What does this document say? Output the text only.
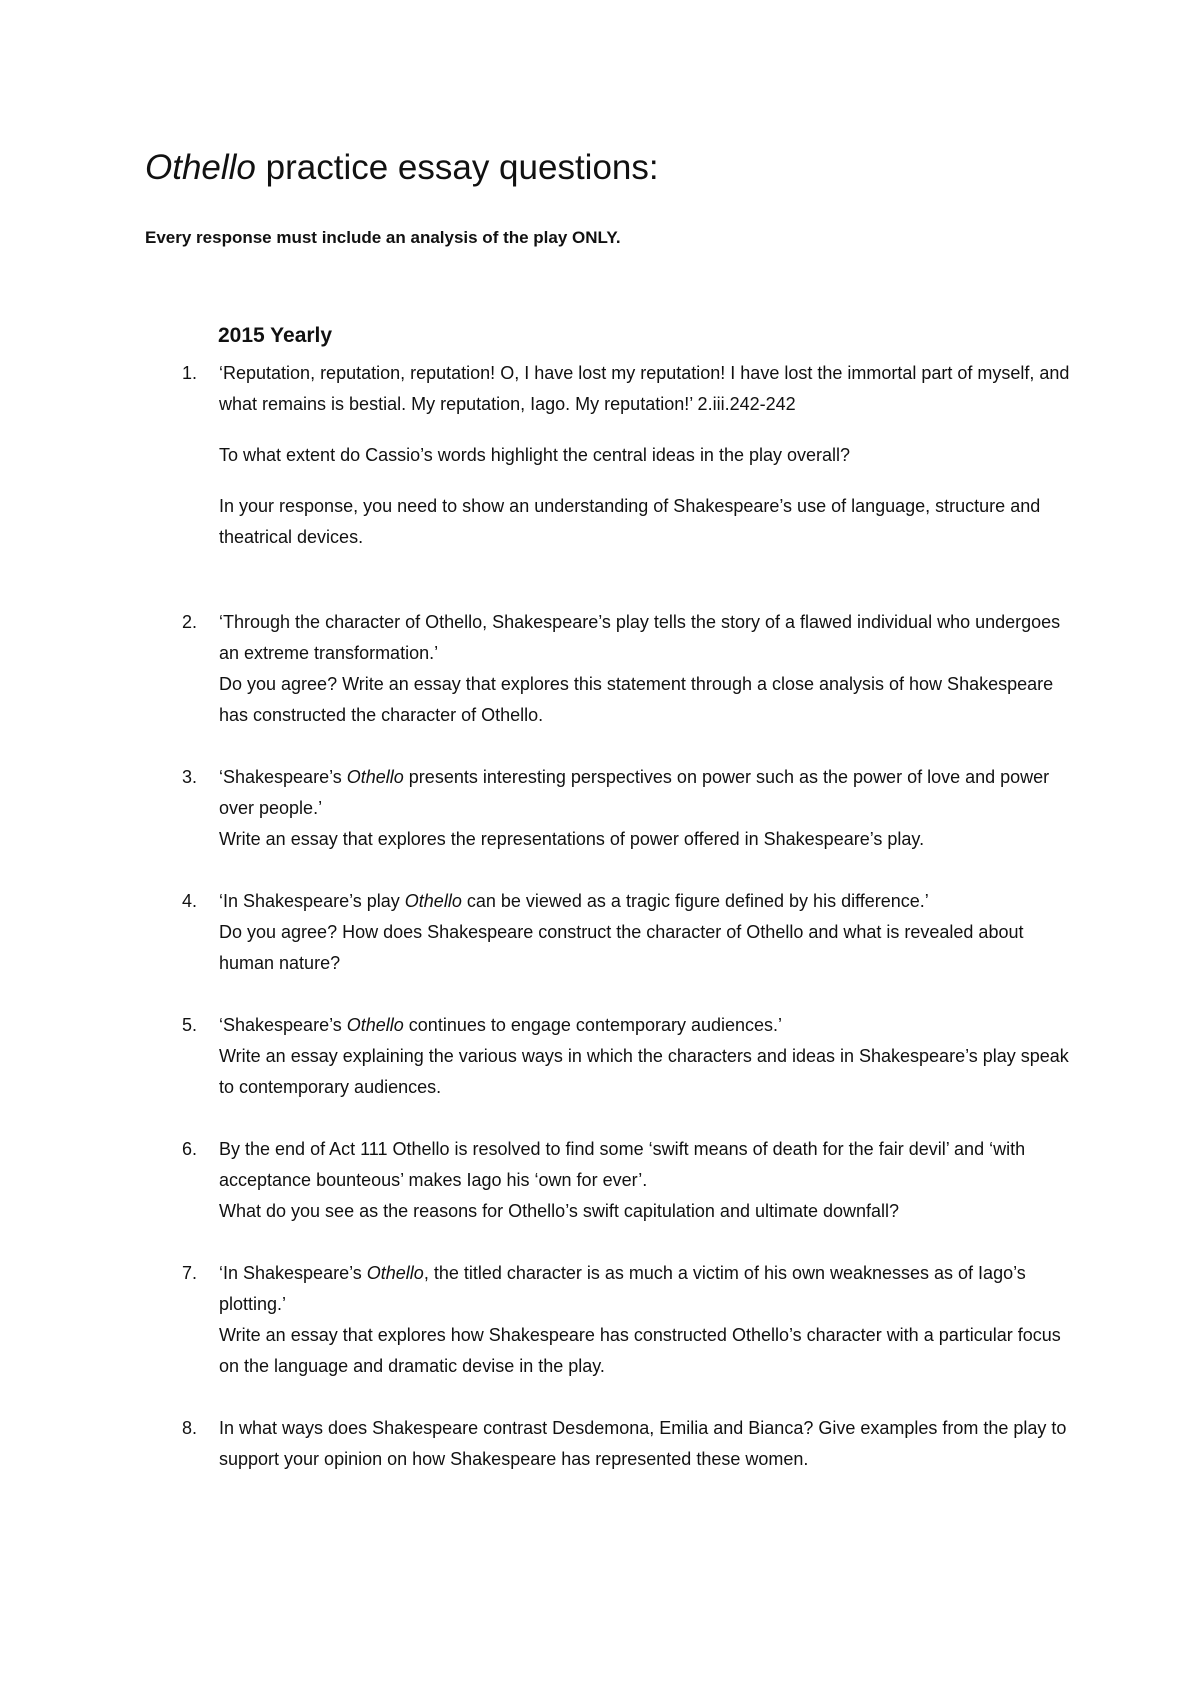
Othello practice essay questions:

Every response must include an analysis of the play ONLY.

2015 Yearly
1. ‘Reputation, reputation, reputation! O, I have lost my reputation! I have lost the immortal part of myself, and what remains is bestial. My reputation, Iago. My reputation!’ 2.iii.242-242

To what extent do Cassio’s words highlight the central ideas in the play overall?

In your response, you need to show an understanding of Shakespeare’s use of language, structure and theatrical devices.

2. ‘Through the character of Othello, Shakespeare’s play tells the story of a flawed individual who undergoes an extreme transformation.’

Do you agree? Write an essay that explores this statement through a close analysis of how Shakespeare has constructed the character of Othello.

3. ‘Shakespeare’s Othello presents interesting perspectives on power such as the power of love and power over people.’

Write an essay that explores the representations of power offered in Shakespeare’s play.

4. ‘In Shakespeare’s play Othello can be viewed as a tragic figure defined by his difference.’

Do you agree? How does Shakespeare construct the character of Othello and what is revealed about human nature?

5. ‘Shakespeare’s Othello continues to engage contemporary audiences.’

Write an essay explaining the various ways in which the characters and ideas in Shakespeare’s play speak to contemporary audiences.

6. By the end of Act 111 Othello is resolved to find some ‘swift means of death for the fair devil’ and ‘with acceptance bounteous’ makes Iago his ‘own for ever’.

What do you see as the reasons for Othello’s swift capitulation and ultimate downfall?

7. ‘In Shakespeare’s Othello, the titled character is as much a victim of his own weaknesses as of Iago’s plotting.’

Write an essay that explores how Shakespeare has constructed Othello’s character with a particular focus on the language and dramatic devise in the play.

8. In what ways does Shakespeare contrast Desdemona, Emilia and Bianca? Give examples from the play to support your opinion on how Shakespeare has represented these women.
